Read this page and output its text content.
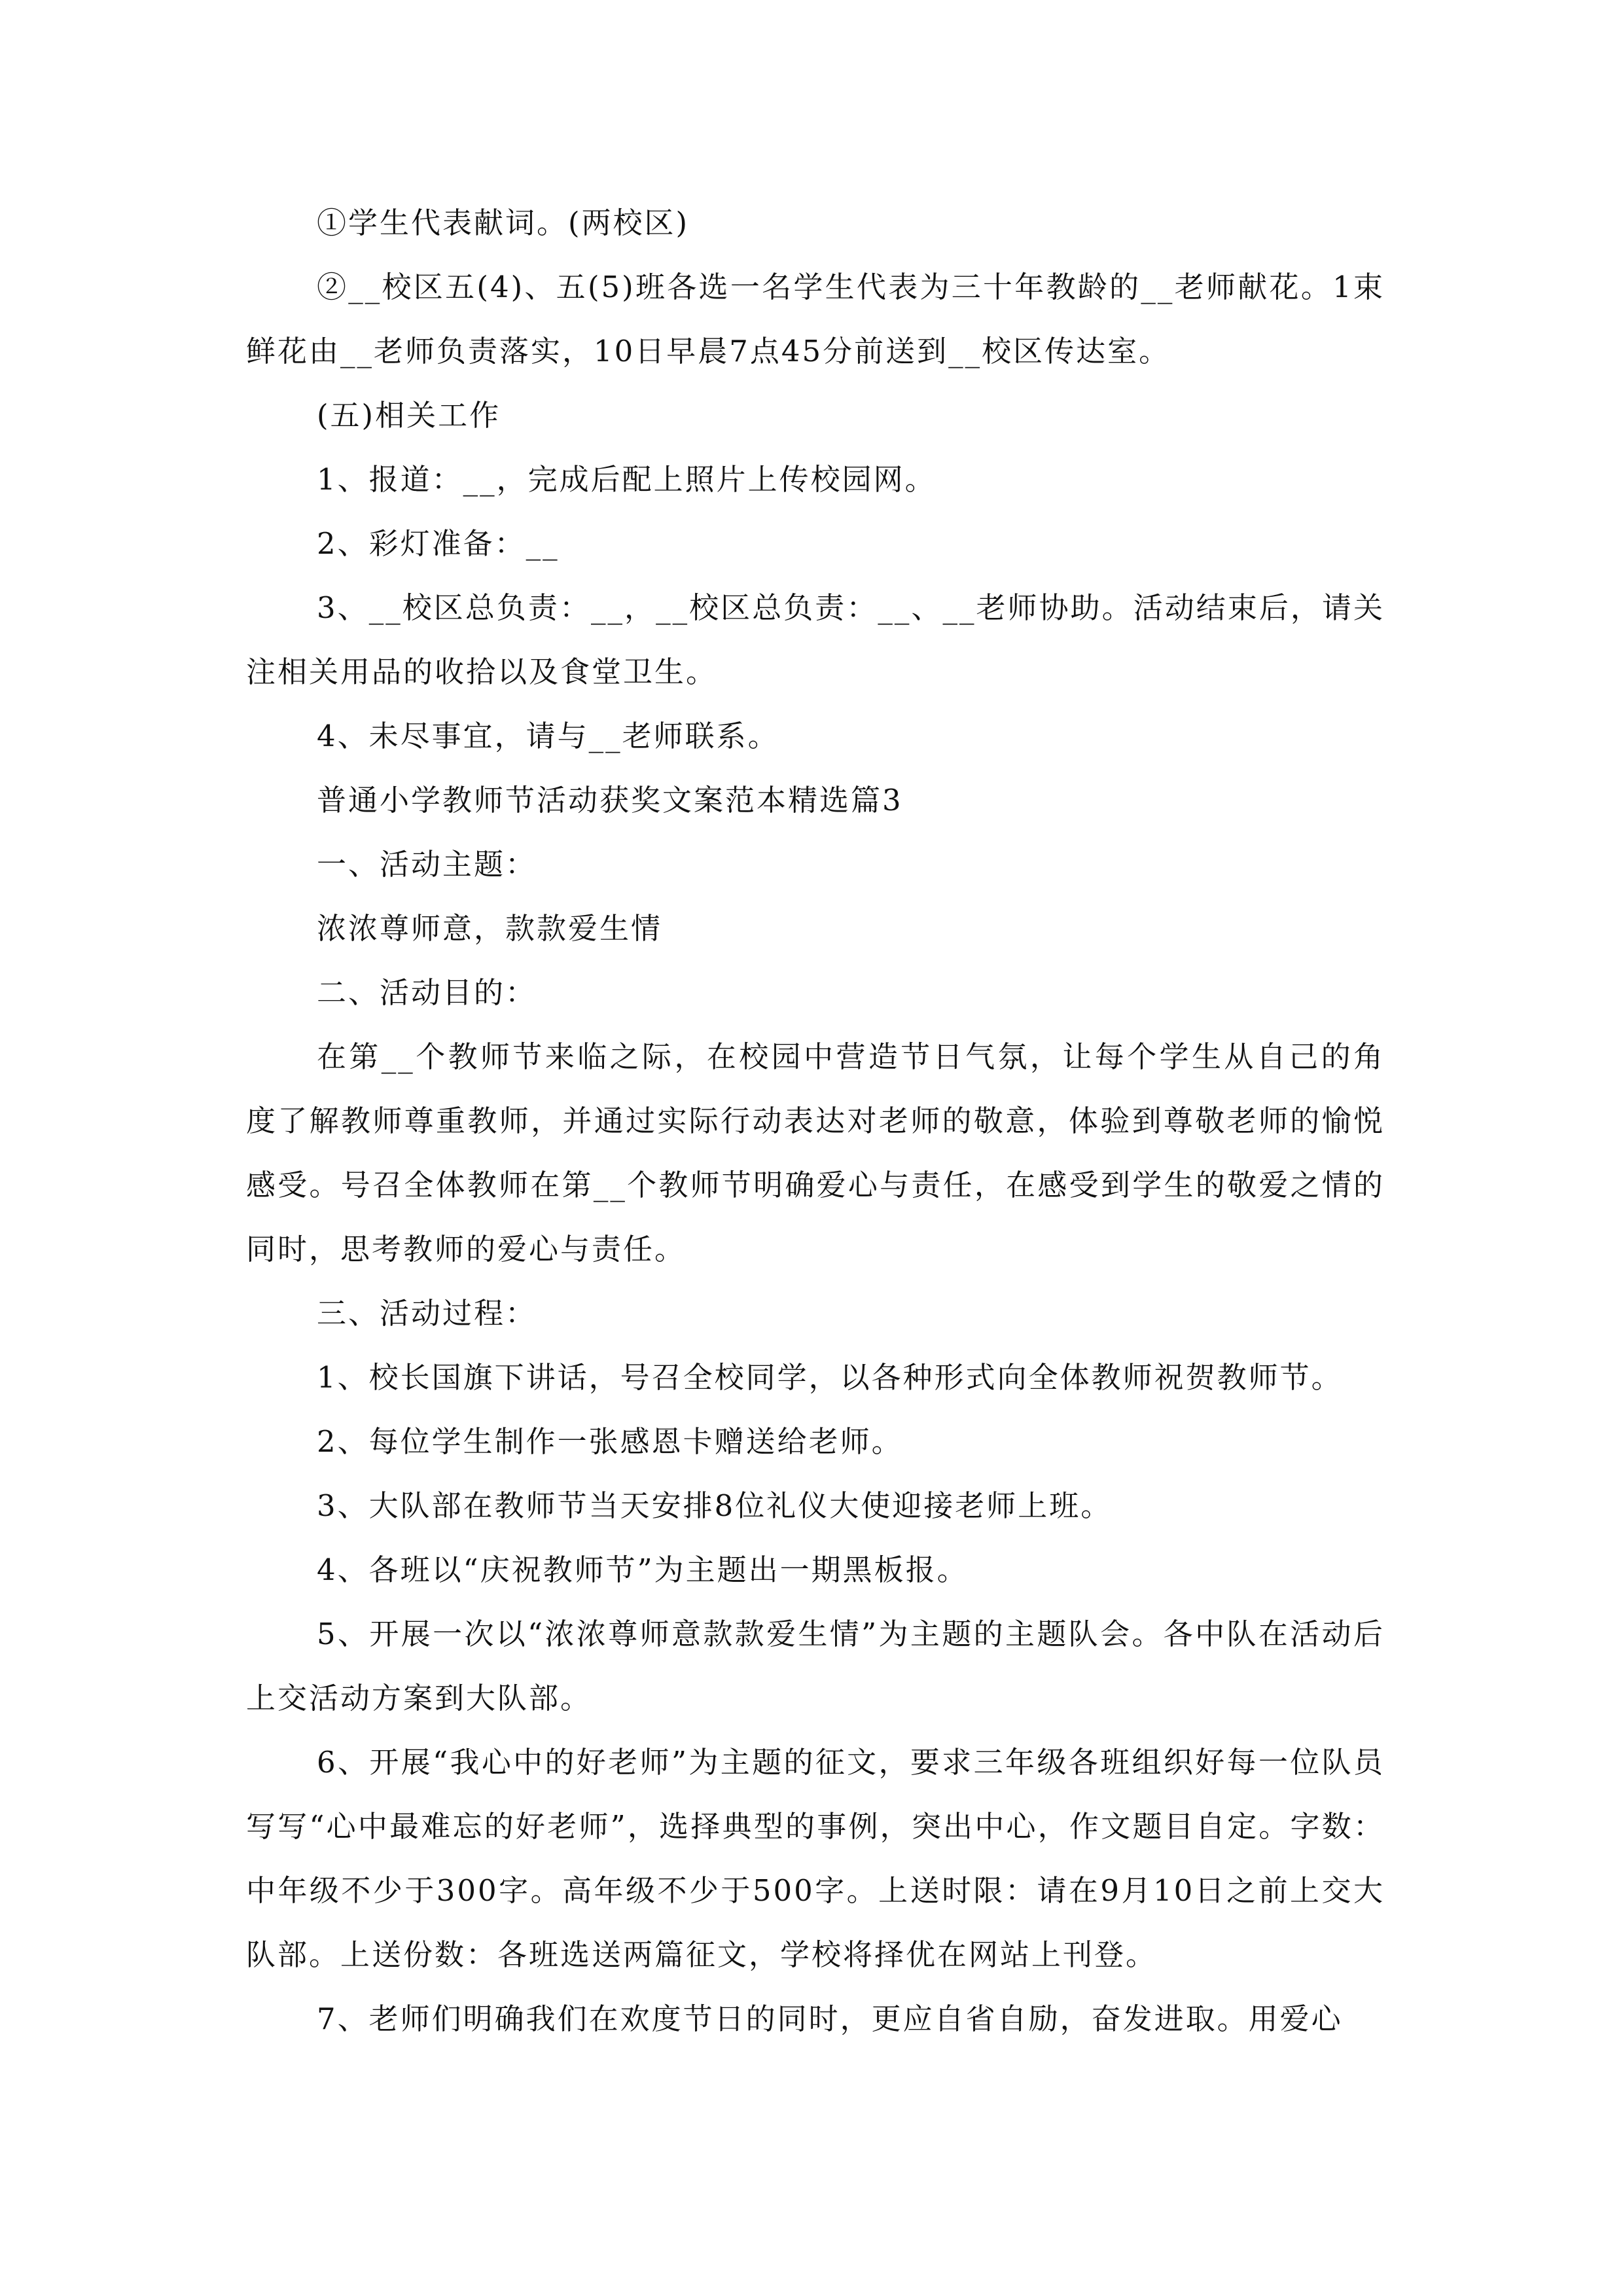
①学生代表献词。(两校区)

②__校区五(4)、五(5)班各选一名学生代表为三十年教龄的__老师献花。1束鲜花由__老师负责落实，10日早晨7点45分前送到__校区传达室。

(五)相关工作

1、报道：__，完成后配上照片上传校园网。

2、彩灯准备：__

3、__校区总负责：__，__校区总负责：__、__老师协助。活动结束后，请关注相关用品的收拾以及食堂卫生。

4、未尽事宜，请与__老师联系。

普通小学教师节活动获奖文案范本精选篇3

一、活动主题：

浓浓尊师意，款款爱生情

二、活动目的：

在第__个教师节来临之际，在校园中营造节日气氛，让每个学生从自己的角度了解教师尊重教师，并通过实际行动表达对老师的敬意，体验到尊敬老师的愉悦感受。号召全体教师在第__个教师节明确爱心与责任，在感受到学生的敬爱之情的同时，思考教师的爱心与责任。

三、活动过程：

1、校长国旗下讲话，号召全校同学，以各种形式向全体教师祝贺教师节。

2、每位学生制作一张感恩卡赠送给老师。

3、大队部在教师节当天安排8位礼仪大使迎接老师上班。

4、各班以“庆祝教师节”为主题出一期黑板报。

5、开展一次以“浓浓尊师意款款爱生情”为主题的主题队会。各中队在活动后上交活动方案到大队部。

6、开展“我心中的好老师”为主题的征文，要求三年级各班组织好每一位队员写写“心中最难忘的好老师”，选择典型的事例，突出中心，作文题目自定。字数：中年级不少于300字。高年级不少于500字。上送时限：请在9月10日之前上交大队部。上送份数：各班选送两篇征文，学校将择优在网站上刊登。

7、老师们明确我们在欢度节日的同时，更应自省自励，奋发进取。用爱心
